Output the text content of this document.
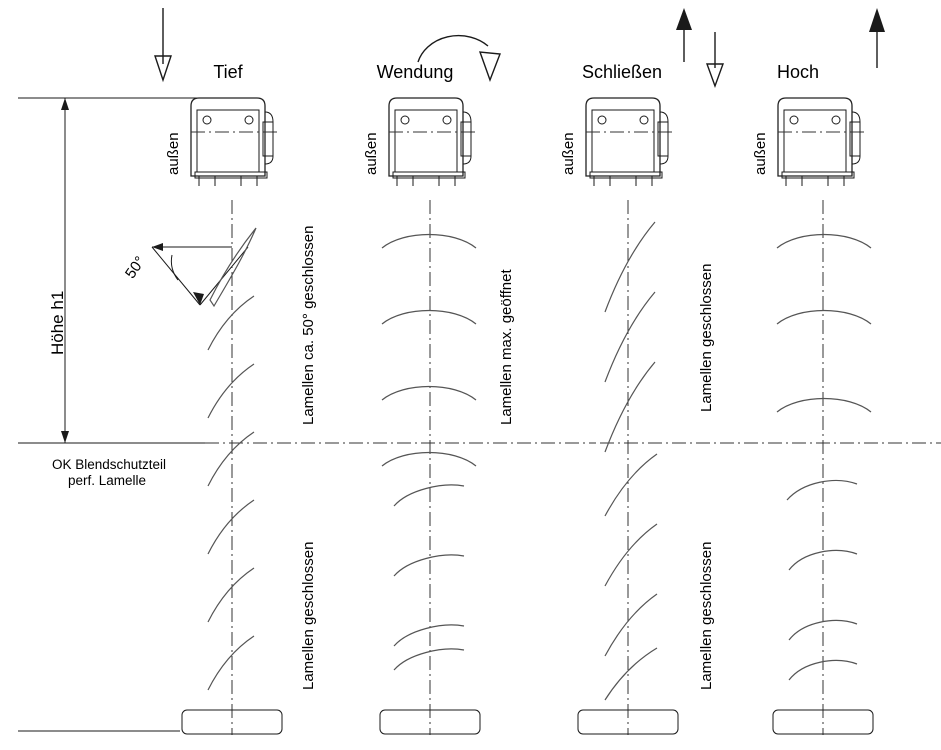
Tief	Wendung	Schließen	Hoch
außen	außen	außen	außen
Höhe h1
50°
OK Blendschutzteil
perf. Lamelle
Lamellen ca. 50° geschlossen
Lamellen geschlossen
Lamellen max. geöffnet	Lamellen geschlossen
Lamellen geschlossen
